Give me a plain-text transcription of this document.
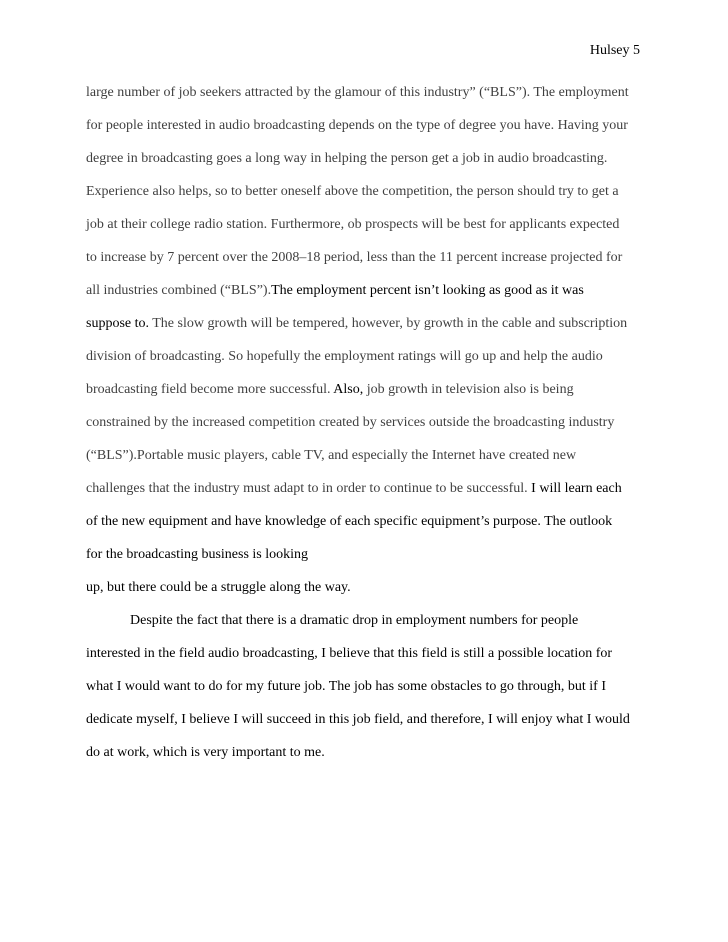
Hulsey 5
large number of job seekers attracted by the glamour of this industry” (“BLS”). The employment
for people interested in audio broadcasting depends on the type of degree you have. Having your
degree in broadcasting goes a long way in helping the person get a job in audio broadcasting.
Experience also helps, so to better oneself above the competition, the person should try to get a
job at their college radio station. Furthermore, ob prospects will be best for applicants expected
to increase by 7 percent over the 2008–18 period, less than the 11 percent increase projected for
all industries combined (“BLS”).The employment percent isn’t looking as good as it was
suppose to. The slow growth will be tempered, however, by growth in the cable and subscription
division of broadcasting. So hopefully the employment ratings will go up and help the audio
broadcasting field become more successful. Also, job growth in television also is being
constrained by the increased competition created by services outside the broadcasting industry
(“BLS”).Portable music players, cable TV, and especially the Internet have created new
challenges that the industry must adapt to in order to continue to be successful. I will learn each
of the new equipment and have knowledge of each specific equipment’s purpose. The outlook
for the broadcasting business is looking
up, but there could be a struggle along the way.
Despite the fact that there is a dramatic drop in employment numbers for people
interested in the field audio broadcasting, I believe that this field is still a possible location for
what I would want to do for my future job. The job has some obstacles to go through, but if I
dedicate myself, I believe I will succeed in this job field, and therefore, I will enjoy what I would
do at work, which is very important to me.
